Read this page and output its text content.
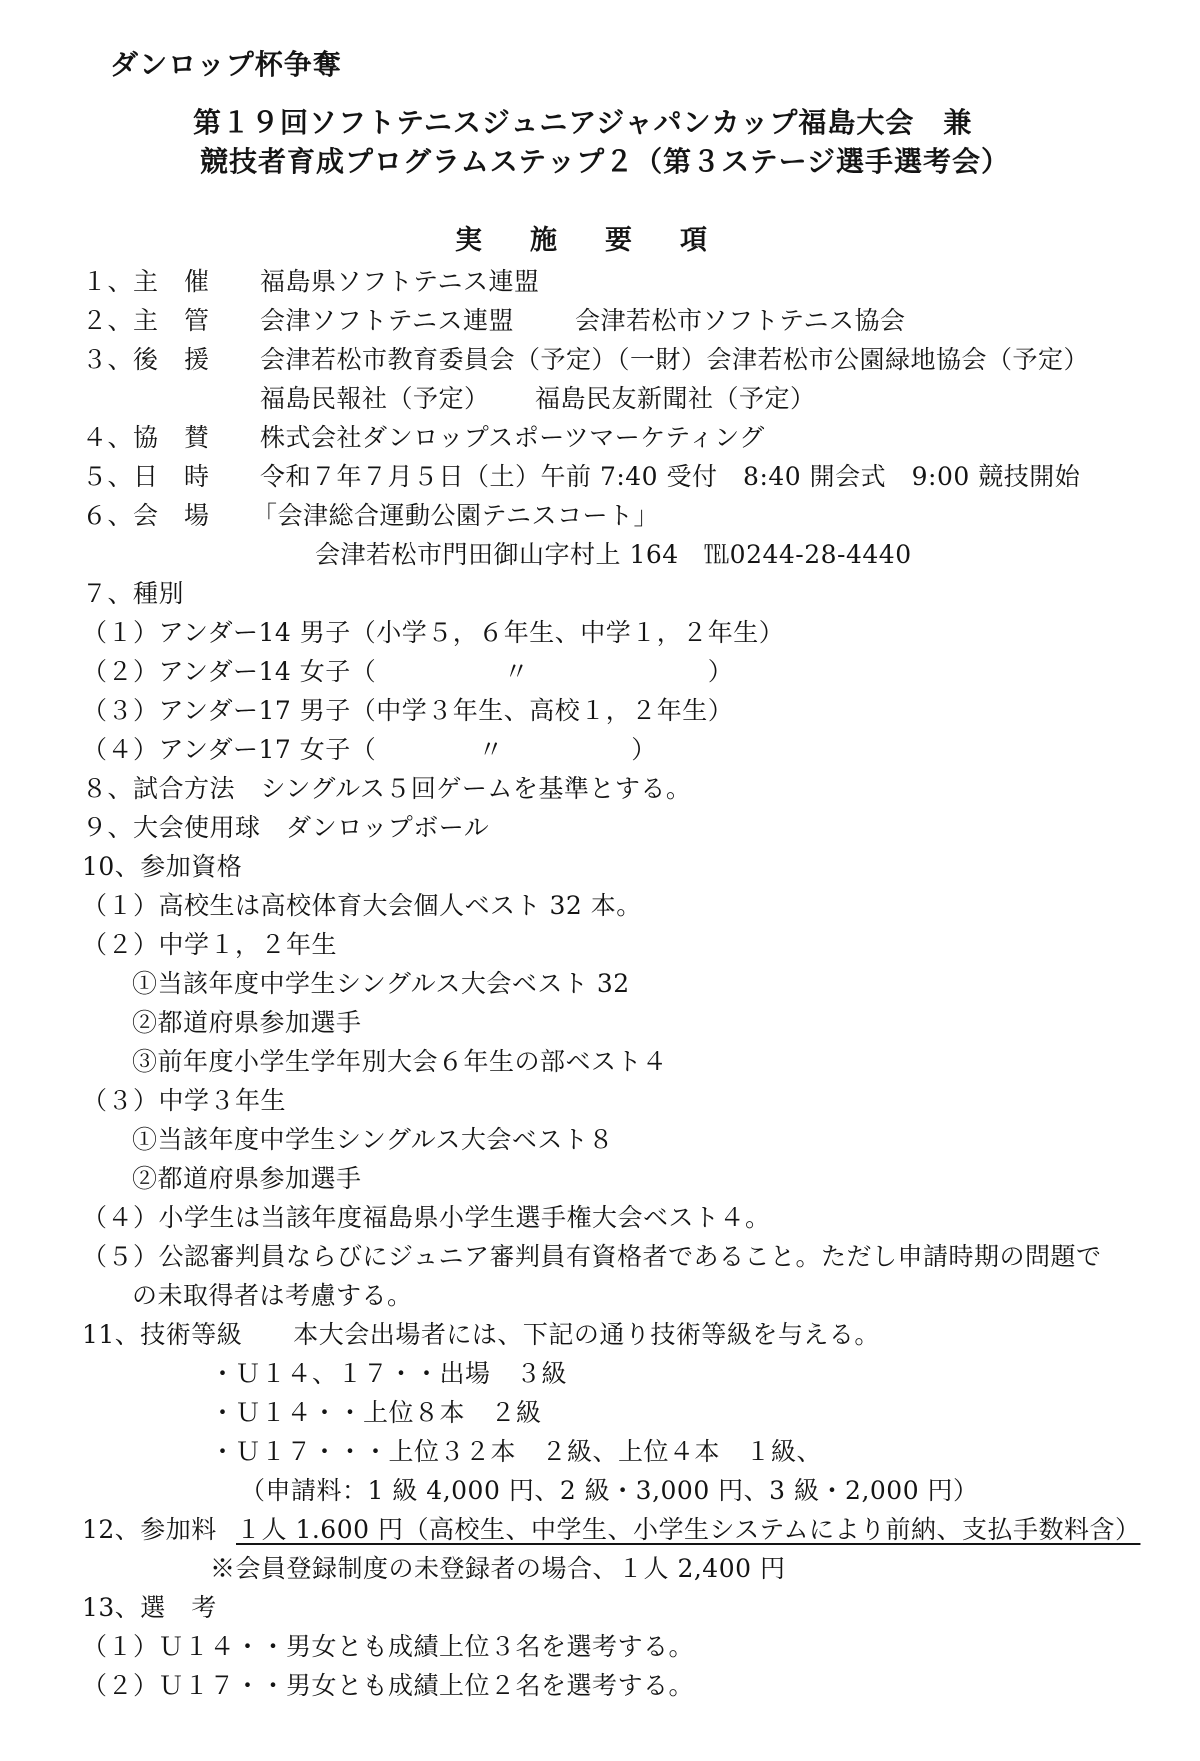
ダンロップ杯争奪
第１９回ソフトテニスジュニアジャパンカップ福島大会　兼
競技者育成プログラムステップ２（第３ステージ選手選考会）
実施要項
１、主　催 福島県ソフトテニス連盟
２、主　管 会津ソフトテニス連盟 会津若松市ソフトテニス協会
３、後　援 会津若松市教育委員会（予定）（一財）会津若松市公園緑地協会（予定）
福島民報社（予定） 福島民友新聞社（予定）
４、協　賛 株式会社ダンロップスポーツマーケティング
５、日　時 令和７年７月５日（土）午前 7:40 受付　8:40 開会式　9:00 競技開始
６、会　場 「会津総合運動公園テニスコート」
会津若松市門田御山字村上 164　℡0244-28-4440
７、種別
（１）アンダー14 男子（小学５，６年生、中学１，２年生）
（２）アンダー14 女子（　　　　　〃　　　　　　　）
（３）アンダー17 男子（中学３年生、高校１，２年生）
（４）アンダー17 女子（　　　　〃　　　　　）
８、試合方法　シングルス５回ゲームを基準とする。
９、大会使用球　ダンロップボール
10、参加資格
（１）高校生は高校体育大会個人ベスト 32 本。
（２）中学１，２年生
①当該年度中学生シングルス大会ベスト 32
②都道府県参加選手
③前年度小学生学年別大会６年生の部ベスト４
（３）中学３年生
①当該年度中学生シングルス大会ベスト８
②都道府県参加選手
（４）小学生は当該年度福島県小学生選手権大会ベスト４。
（５）公認審判員ならびにジュニア審判員有資格者であること。ただし申請時期の問題で
の未取得者は考慮する。
11、技術等級　　本大会出場者には、下記の通り技術等級を与える。
・Ｕ１４、１７・・出場　３級
・Ｕ１４・・上位８本　２級
・Ｕ１７・・・上位３２本　２級、上位４本　１級、
（申請料：1 級 4,000 円、2 級・3,000 円、3 級・2,000 円）
12、参加料 １人 1.600 円（高校生、中学生、小学生システムにより前納、支払手数料含）
※会員登録制度の未登録者の場合、１人 2,400 円
13、選　考
（１）Ｕ１４・・男女とも成績上位３名を選考する。
（２）Ｕ１７・・男女とも成績上位２名を選考する。
